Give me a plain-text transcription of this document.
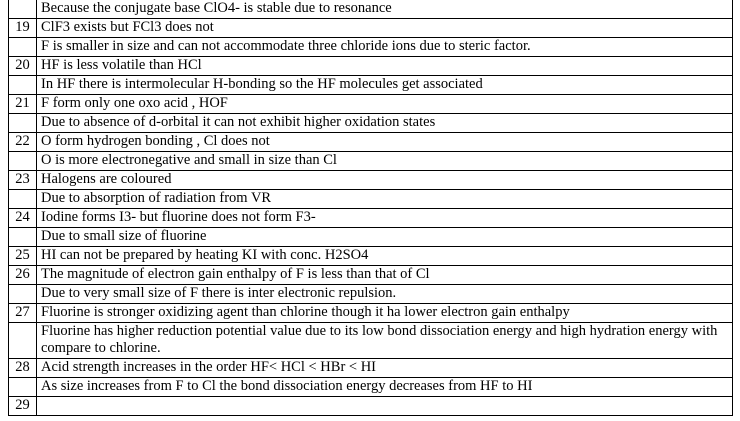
	Because the conjugate base ClO4- is stable due to resonance
19	ClF3 exists but FCl3 does not
	F is smaller in size and can not accommodate three chloride ions due to steric factor.
20	HF is less volatile than HCl
	In HF there is intermolecular H-bonding so the HF molecules get associated
21	F form only one oxo acid , HOF
	Due to absence of d-orbital it can not exhibit higher oxidation states
22	O form hydrogen bonding , Cl does not
	O is more electronegative and small in size than Cl
23	Halogens are coloured
	Due to absorption of radiation from VR
24	Iodine forms I3- but fluorine does not form F3-
	Due to small size of fluorine
25	HI can not be prepared by heating KI with conc. H2SO4
26	The magnitude of electron gain enthalpy of F is less than that of Cl
	Due to very small size of F there is inter electronic repulsion.
27	Fluorine is stronger oxidizing agent than chlorine though it ha lower electron gain enthalpy
	Fluorine has higher reduction potential value due to its low bond dissociation energy and high hydration energy with compare to chlorine.
28	Acid strength increases in the order HF< HCl < HBr < HI
	As size increases from F to Cl the bond dissociation energy decreases from HF to HI
29	
